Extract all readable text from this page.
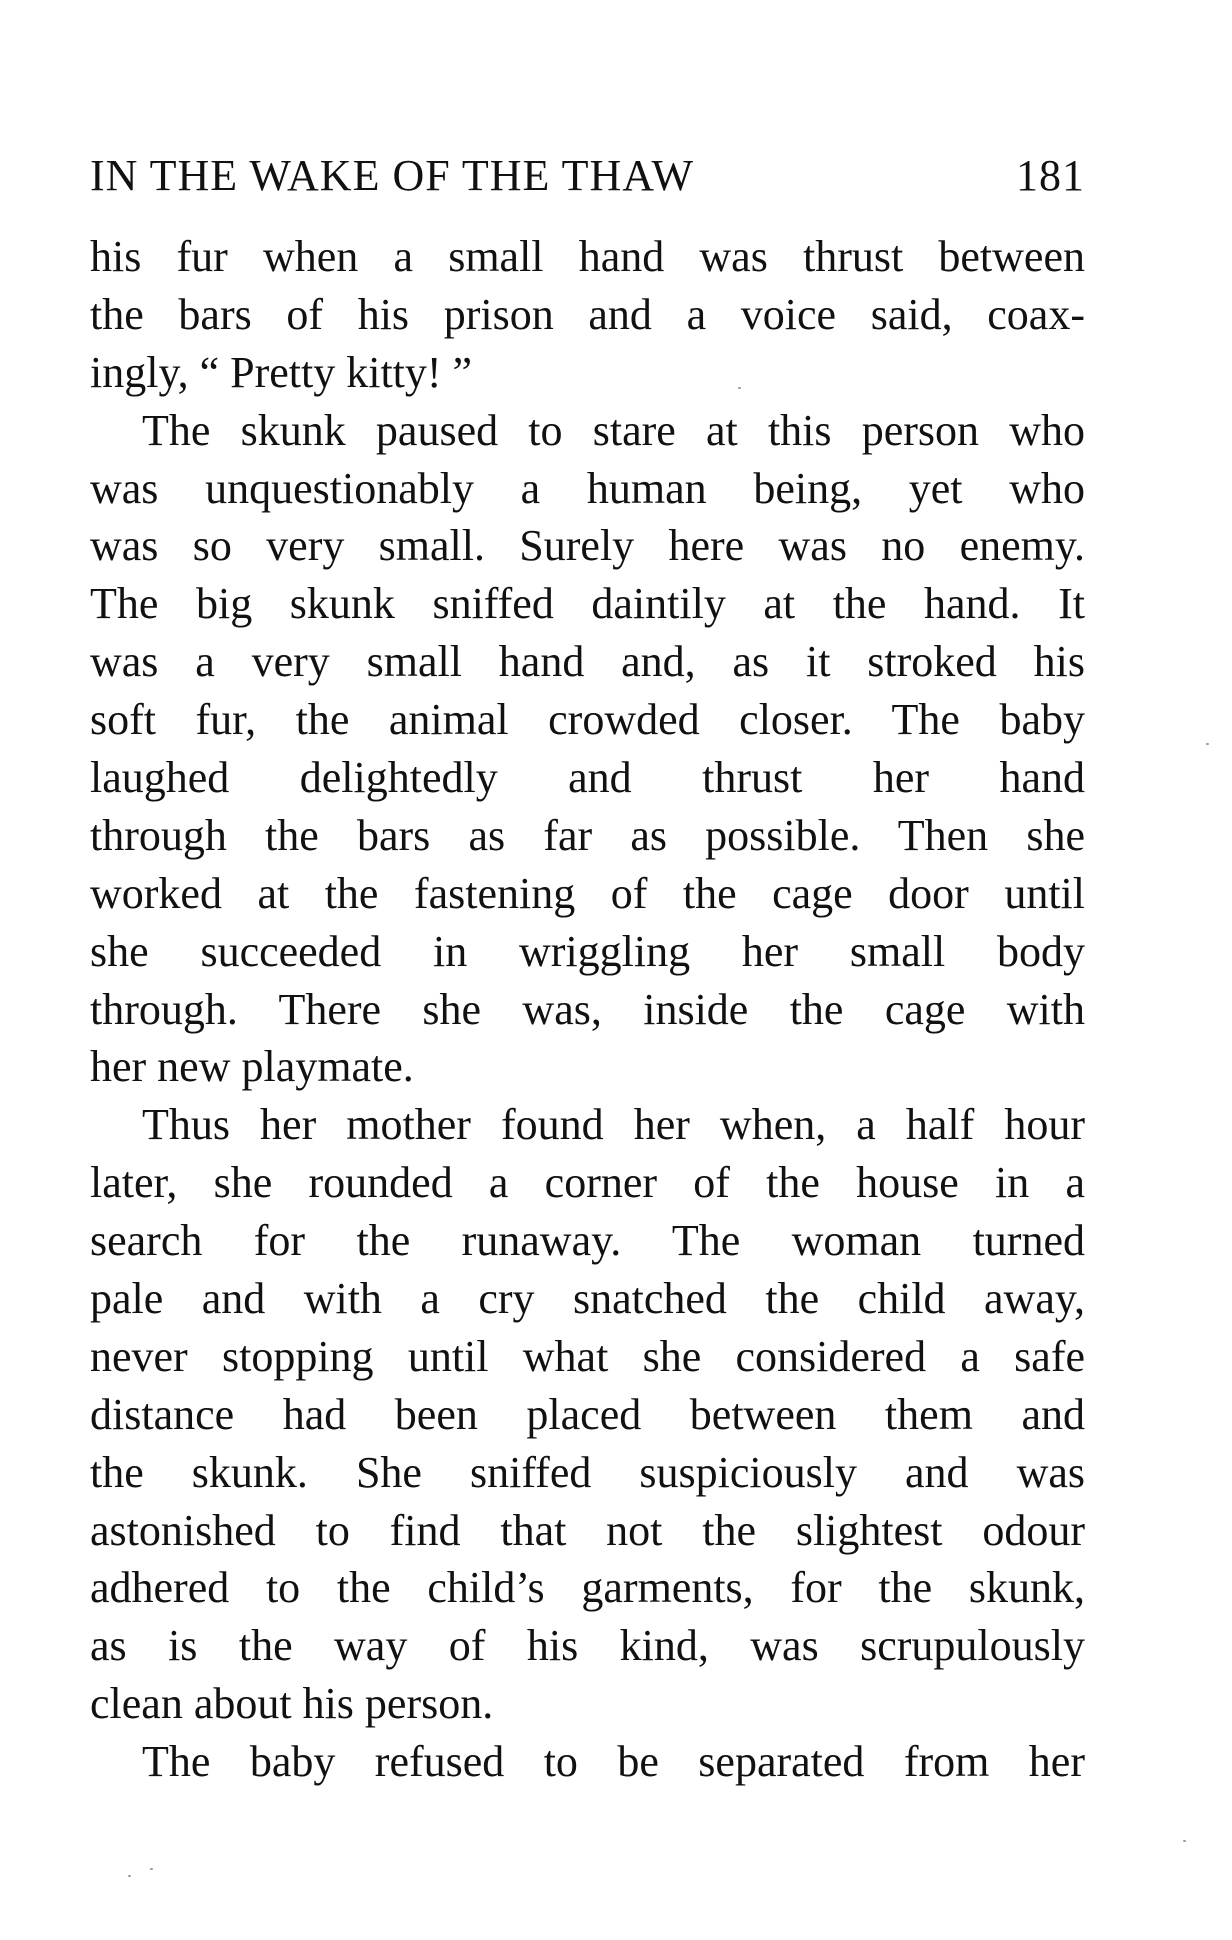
IN THE WAKE OF THE THAW	181
his fur when a small hand was thrust between
the bars of his prison and a voice said, coax-
ingly, “ Pretty kitty! ”
The skunk paused to stare at this person who
was unquestionably a human being, yet who
was so very small. Surely here was no enemy.
The big skunk sniffed daintily at the hand. It
was a very small hand and, as it stroked his
soft fur, the animal crowded closer. The baby
laughed delightedly and thrust her hand
through the bars as far as possible. Then she
worked at the fastening of the cage door until
she succeeded in wriggling her small body
through. There she was, inside the cage with
her new playmate.
Thus her mother found her when, a half hour
later, she rounded a corner of the house in a
search for the runaway. The woman turned
pale and with a cry snatched the child away,
never stopping until what she considered a safe
distance had been placed between them and
the skunk. She sniffed suspiciously and was
astonished to find that not the slightest odour
adhered to the child’s garments, for the skunk,
as is the way of his kind, was scrupulously
clean about his person.
The baby refused to be separated from her
